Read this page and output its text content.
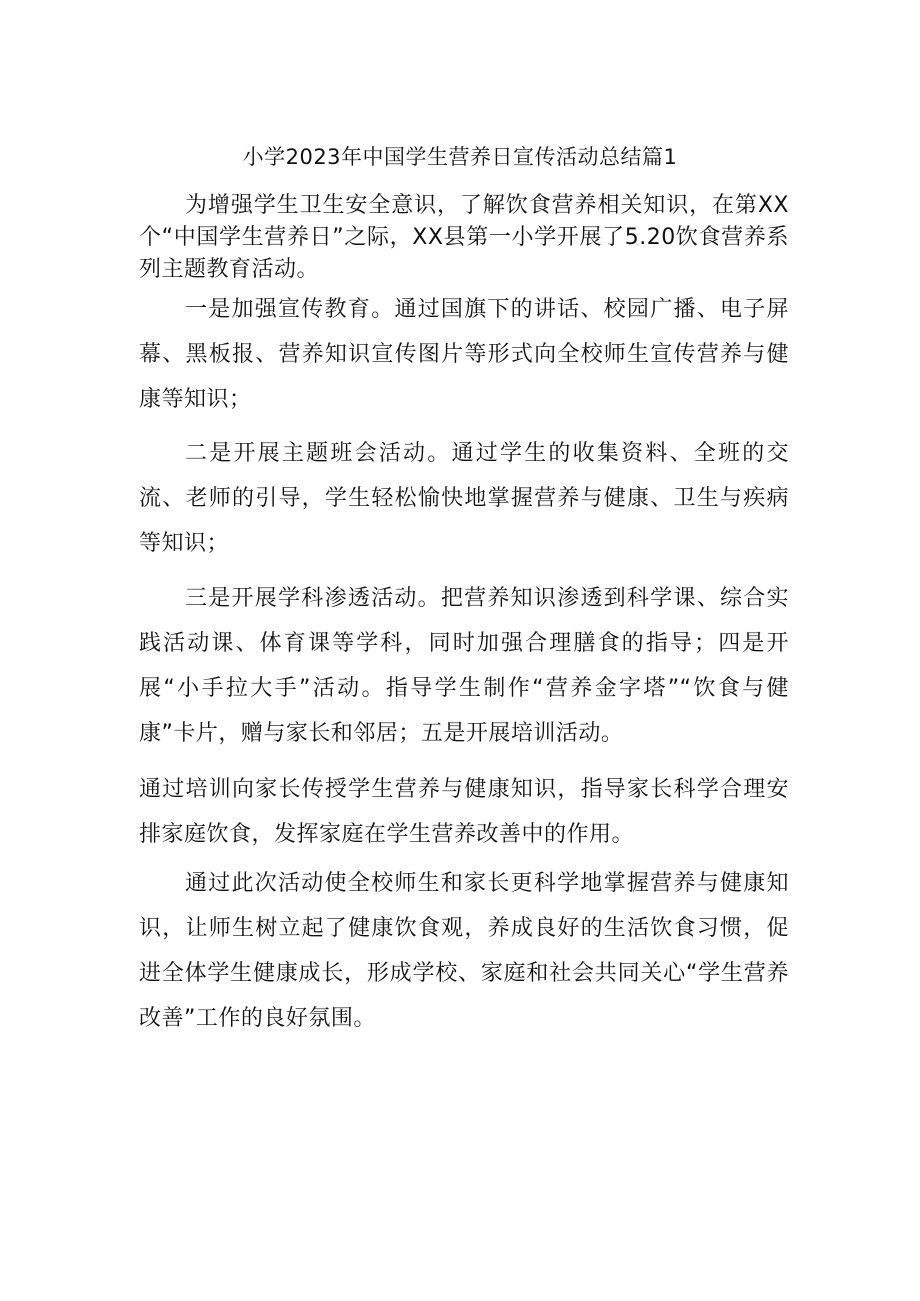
小学2023年中国学生营养日宣传活动总结篇1

为增强学生卫生安全意识，了解饮食营养相关知识，在第XX个“中国学生营养日”之际，XX县第一小学开展了5.20饮食营养系列主题教育活动。

一是加强宣传教育。通过国旗下的讲话、校园广播、电子屏幕、黑板报、营养知识宣传图片等形式向全校师生宣传营养与健康等知识；

二是开展主题班会活动。通过学生的收集资料、全班的交流、老师的引导，学生轻松愉快地掌握营养与健康、卫生与疾病等知识；

三是开展学科渗透活动。把营养知识渗透到科学课、综合实践活动课、体育课等学科，同时加强合理膳食的指导；四是开展“小手拉大手”活动。指导学生制作“营养金字塔”“饮食与健康”卡片，赠与家长和邻居；五是开展培训活动。

通过培训向家长传授学生营养与健康知识，指导家长科学合理安排家庭饮食，发挥家庭在学生营养改善中的作用。

通过此次活动使全校师生和家长更科学地掌握营养与健康知识，让师生树立起了健康饮食观，养成良好的生活饮食习惯，促进全体学生健康成长，形成学校、家庭和社会共同关心“学生营养改善”工作的良好氛围。
